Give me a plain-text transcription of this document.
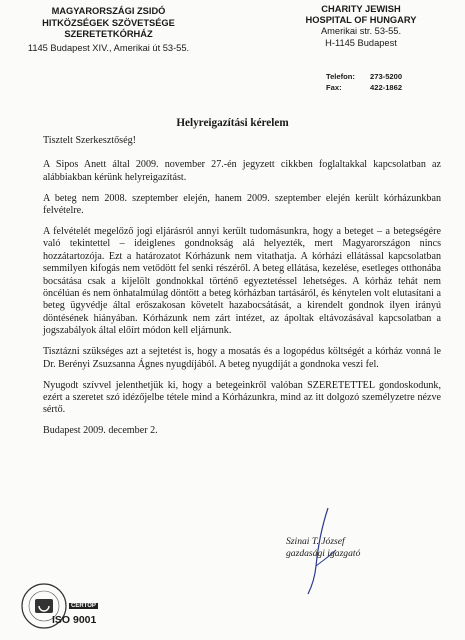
MAGYARORSZÁGI ZSIDÓ
HITKÖZSÉGEK SZÖVETSÉGE
SZERETETKÓRHÁZ
1145 Budapest XIV., Amerikai út 53-55.
CHARITY JEWISH
HOSPITAL OF HUNGARY
Amerikai str. 53-55.
H-1145 Budapest
Telefon:	273-5200
Fax:	422-1862
Helyreigazítási kérelem

Tisztelt Szerkesztőség!

A Sipos Anett által 2009. november 27.-én jegyzett cikkben foglaltakkal kapcsolatban az alábbiakban kérünk helyreigazítást.

A beteg nem 2008. szeptember elején, hanem 2009. szeptember elején került kórházunkban felvételre.

A felvételét megelőző jogi eljárásról annyi került tudomásunkra, hogy a beteget – a betegségére való tekintettel – ideiglenes gondnokság alá helyezték, mert Magyarországon nincs hozzátartozója. Ezt a határozatot Kórházunk nem vitathatja. A kórházi ellátással kapcsolatban semmilyen kifogás nem vetődött fel senki részéről. A beteg ellátása, kezelése, esetleges otthonába bocsátása csak a kijelölt gondnokkal történő egyeztetéssel lehetséges. A kórház tehát nem öncélúan és nem önhatalmúlag döntött a beteg kórházban tartásáról, és kénytelen volt elutasítani a beteg ügyvédje által erőszakosan követelt hazabocsátását, a kirendelt gondnok ilyen irányú döntésének hiányában. Kórházunk nem zárt intézet, az ápoltak eltávozásával kapcsolatban a jogszabályok által előírt módon kell eljárnunk.

Tisztázni szükséges azt a sejtetést is, hogy a mosatás és a logopédus költségét a kórház vonná le Dr. Berényi Zsuzsanna Ágnes nyugdíjából. A beteg nyugdíját a gondnoka veszi fel.

Nyugodt szívvel jelenthetjük ki, hogy a betegeinkről valóban SZERETETTEL gondoskodunk, ezért a szeretet szó idézőjelbe tétele mind a Kórházunkra, mind az itt dolgozó személyzetre nézve sértő.

Budapest 2009. december 2.

Szinai T. József
gazdasági igazgató
CERTOP
ISO 9001
